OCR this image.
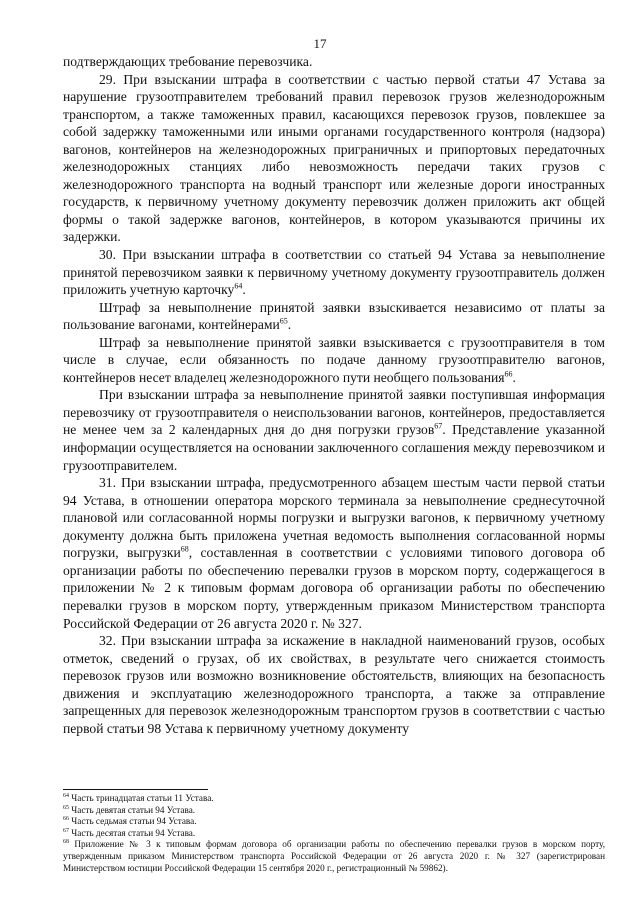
17

подтверждающих требование перевозчика.

29. При взыскании штрафа в соответствии с частью первой статьи 47 Устава за нарушение грузоотправителем требований правил перевозок грузов железнодорожным транспортом, а также таможенных правил, касающихся перевозок грузов, повлекшее за собой задержку таможенными или иными органами государственного контроля (надзора) вагонов, контейнеров на железнодорожных приграничных и припортовых передаточных железнодорожных станциях либо невозможность передачи таких грузов с железнодорожного транспорта на водный транспорт или железные дороги иностранных государств, к первичному учетному документу перевозчик должен приложить акт общей формы о такой задержке вагонов, контейнеров, в котором указываются причины их задержки.

30. При взыскании штрафа в соответствии со статьей 94 Устава за невыполнение принятой перевозчиком заявки к первичному учетному документу грузоотправитель должен приложить учетную карточку$^{64}$.

Штраф за невыполнение принятой заявки взыскивается независимо от платы за пользование вагонами, контейнерами$^{65}$.

Штраф за невыполнение принятой заявки взыскивается с грузоотправителя в том числе в случае, если обязанность по подаче данному грузоотправителю вагонов, контейнеров несет владелец железнодорожного пути необщего пользования$^{66}$.

При взыскании штрафа за невыполнение принятой заявки поступившая информация перевозчику от грузоотправителя о неиспользовании вагонов, контейнеров, предоставляется не менее чем за 2 календарных дня до дня погрузки грузов$^{67}$. Представление указанной информации осуществляется на основании заключенного соглашения между перевозчиком и грузоотправителем.

31. При взыскании штрафа, предусмотренного абзацем шестым части первой статьи 94 Устава, в отношении оператора морского терминала за невыполнение среднесуточной плановой или согласованной нормы погрузки и выгрузки вагонов, к первичному учетному документу должна быть приложена учетная ведомость выполнения согласованной нормы погрузки, выгрузки$^{68}$, составленная в соответствии с условиями типового договора об организации работы по обеспечению перевалки грузов в морском порту, содержащегося в приложении № 2 к типовым формам договора об организации работы по обеспечению перевалки грузов в морском порту, утвержденным приказом Министерством транспорта Российской Федерации от 26 августа 2020 г. № 327.

32. При взыскании штрафа за искажение в накладной наименований грузов, особых отметок, сведений о грузах, об их свойствах, в результате чего снижается стоимость перевозок грузов или возможно возникновение обстоятельств, влияющих на безопасность движения и эксплуатацию железнодорожного транспорта, а также за отправление запрещенных для перевозок железнодорожным транспортом грузов в соответствии с частью первой статьи 98 Устава к первичному учетному документу

$^{64}$ Часть тринадцатая статьи 11 Устава.

$^{65}$ Часть девятая статьи 94 Устава.

$^{66}$ Часть седьмая статьи 94 Устава.

$^{67}$ Часть десятая статьи 94 Устава.

$^{68}$ Приложение № 3 к типовым формам договора об организации работы по обеспечению перевалки грузов в морском порту, утвержденным приказом Министерством транспорта Российской Федерации от 26 августа 2020 г. № 327 (зарегистрирован Министерством юстиции Российской Федерации 15 сентября 2020 г., регистрационный № 59862).
